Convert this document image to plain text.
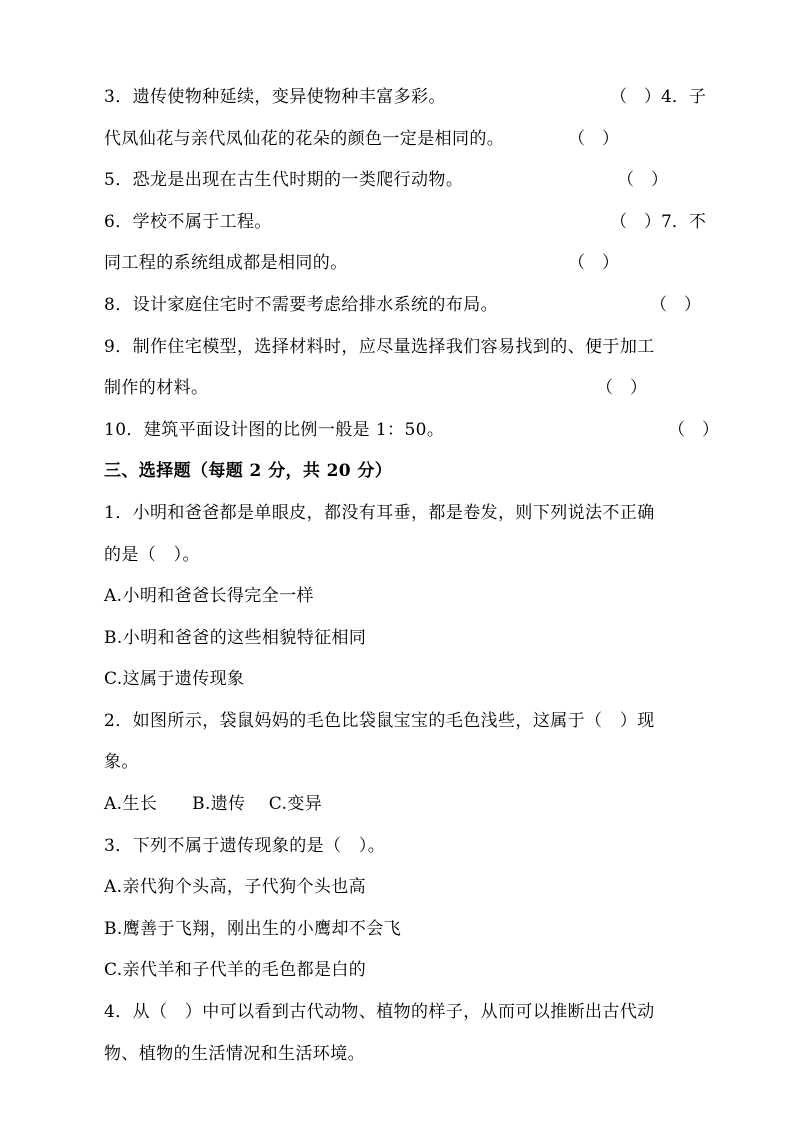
3．遗传使物种延续，变异使物种丰富多彩。	（　）4．子
代凤仙花与亲代凤仙花的花朵的颜色一定是相同的。	（　）
5．恐龙是出现在古生代时期的一类爬行动物。	（　）
6．学校不属于工程。	（　）7．不
同工程的系统组成都是相同的。	（　）
8．设计家庭住宅时不需要考虑给排水系统的布局。	（　）
9．制作住宅模型，选择材料时，应尽量选择我们容易找到的、便于加工
制作的材料。	（　）
10．建筑平面设计图的比例一般是 1：50。	（　）
三、选择题（每题 2 分，共 20 分）
1．小明和爸爸都是单眼皮，都没有耳垂，都是卷发，则下列说法不正确
的是（　）。
A.小明和爸爸长得完全一样
B.小明和爸爸的这些相貌特征相同
C.这属于遗传现象
2．如图所示，袋鼠妈妈的毛色比袋鼠宝宝的毛色浅些，这属于（　）现
象。
A.生长　　B.遗传　 C.变异
3．下列不属于遗传现象的是（　）。
A.亲代狗个头高，子代狗个头也高
B.鹰善于飞翔，刚出生的小鹰却不会飞
C.亲代羊和子代羊的毛色都是白的
4．从（　）中可以看到古代动物、植物的样子，从而可以推断出古代动
物、植物的生活情况和生活环境。
